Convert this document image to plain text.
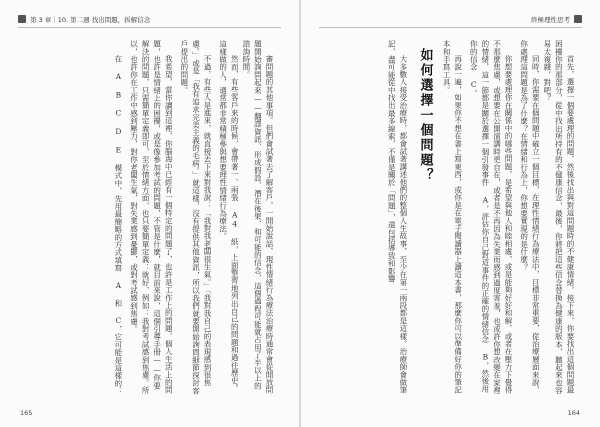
第 3 章｜10. 第二週 找出問題，拆解信念
審問題的其他事項。但們會試著去了解客戶，一開始說話，現性情緒行為療法治療時通常會從開放問題開始詢問起來——翻譯資訊、形成假設、潛在後果，和可能的信念，這個過程可能就占用了半以上的諮詢時間。
然而，有些客戶來的時候，會帶著一、兩張 A4 紙，上面整齊地列出自己的問題和過往歷史。這樣做的人，通常都非常積極參與想要理性情緒行為療法。
不過，有些人是進來，就直接丟下來對我說：「我對我老闆很生氣。」「我對我自己的表現感到很焦慮。」或是「我有追求完美主義的毛病。」就這樣，沒有提供其他資訊，所以我們就要開始詢問細節探討客戶提出的問題。
我希望，當你讀到這裡，你腦海中已經有一個特定的問題了，也許是工作上的問題、個人生活上的問題，也許是情緒上的困擾，或是像參加考試的問題，不管是什麼，就目前來說，這個引導手冊——你要解決的問題，只需簡單定義即可，至於情緒方面，也只要簡單定義：就好，例如：我對考試感到焦慮。所以，也許你在工作中感到壓力，對你老闆生氣，對失業感到憂鬱，或對考試感到焦慮。
在 A B C D E 模式中，先用最簡略的方式填寫 A 和 C，它可能是這樣的：
165
終極理性思考
首先，選擇一個要處理的問題，然後找出與對這問題時的不健康情緒，接下來，你要找出這個問題最困擾你的那部分，從中找出所持有的不健康信念，最後，你將把這些信念替換為健康的版本，聽起來也容易太複雜，對吧？
同時，你需要在個問題中確立一個目標，在理性情緒行為療法中，目標非常重要，從治療層面來說，你處理這問題是為了什麼？在情緒和行為上，你想要實現的是什麼？
你想要處理你在關係中的哪些問題，是希望與他人和睦相處，或是能夠好好和解，或者在壓力下覺得不那麼焦慮，或想要在公開演講時更自在，或者是不再因為失業而感到過度害羞，也或許你想改變在家裡的情緒，這一節都是關於選擇一個引發事件 A，評估你自己對這事件的正確的情緒信念 B，然後用你的信念 C。
再說一遍，如果你不想在書上寫東西，或你是在電子閱讀器上讀這本書，那麼你可以準備好你的筆記本和手寫工具。
如何選擇一個問題？
大多數人接受治療時，都會試著講述他們的整個人生故事，至少在第一兩段都是這樣，治療師會做筆記，盡可能從中找出最多線索，不僅是關於「問題」，還包括導致和影響
164
